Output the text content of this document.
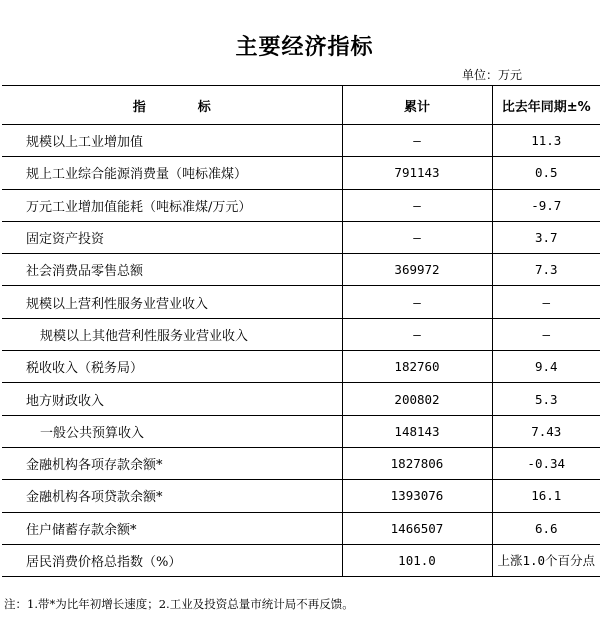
主要经济指标
单位：万元
指　　　　标	累计	比去年同期±%
规模以上工业增加值	—	11.3
规上工业综合能源消费量（吨标准煤）	791143	0.5
万元工业增加值能耗（吨标准煤/万元）	—	-9.7
固定资产投资	—	3.7
社会消费品零售总额	369972	7.3
规模以上营利性服务业营业收入	—	—
规模以上其他营利性服务业营业收入	—	—
税收收入（税务局）	182760	9.4
地方财政收入	200802	5.3
一般公共预算收入	148143	7.43
金融机构各项存款余额*	1827806	-0.34
金融机构各项贷款余额*	1393076	16.1
住户储蓄存款余额*	1466507	6.6
居民消费价格总指数（%）	101.0	上涨1.0个百分点
注：1.带*为比年初增长速度；2.工业及投资总量市统计局不再反馈。
